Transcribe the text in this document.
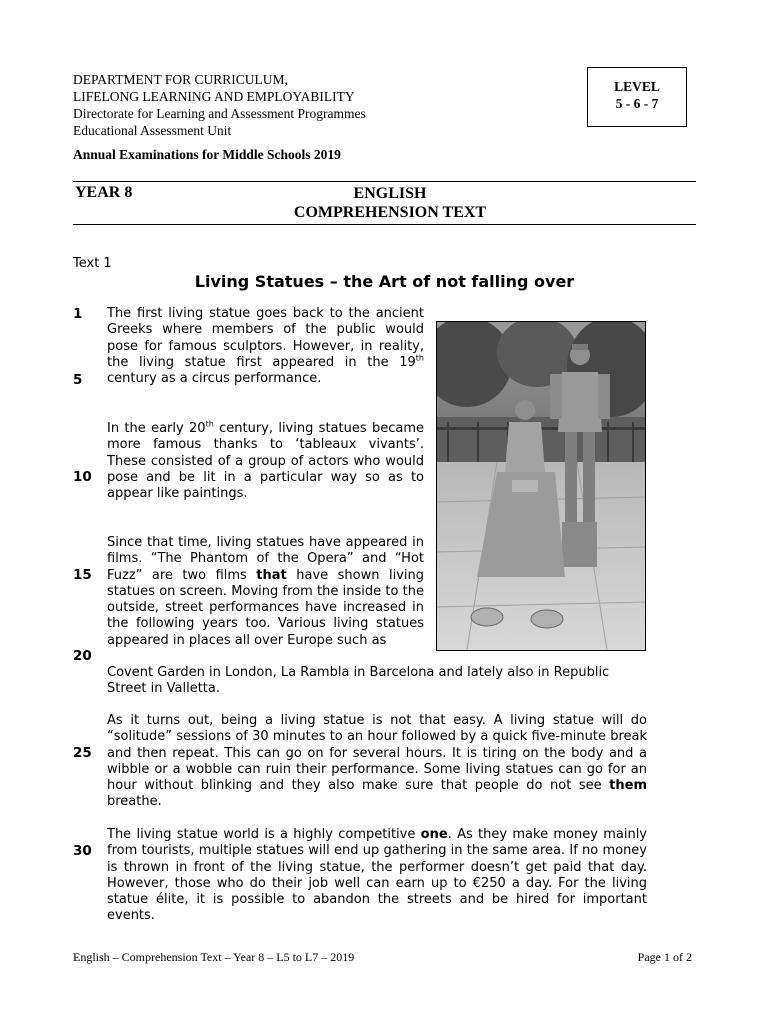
DEPARTMENT FOR CURRICULUM,
LIFELONG LEARNING AND EMPLOYABILITY
Directorate for Learning and Assessment Programmes
Educational Assessment Unit
LEVEL
5 - 6 - 7
Annual Examinations for Middle Schools 2019
YEAR 8	ENGLISH
COMPREHENSION TEXT
Text 1
Living Statues – the Art of not falling over
1
5
10
15
20
25
30

The first living statue goes back to the ancient Greeks where members of the public would pose for famous sculptors. However, in reality, the living statue first appeared in the 19th century as a circus performance.

In the early 20th century, living statues became more famous thanks to ‘tableaux vivants’. These consisted of a group of actors who would pose and be lit in a particular way so as to appear like paintings.

Since that time, living statues have appeared in films. “The Phantom of the Opera” and “Hot Fuzz” are two films that have shown living statues on screen. Moving from the inside to the outside, street performances have increased in the following years too. Various living statues appeared in places all over Europe such as

Covent Garden in London, La Rambla in Barcelona and lately also in Republic Street in Valletta.

As it turns out, being a living statue is not that easy. A living statue will do “solitude” sessions of 30 minutes to an hour followed by a quick five-minute break and then repeat. This can go on for several hours. It is tiring on the body and a wibble or a wobble can ruin their performance. Some living statues can go for an hour without blinking and they also make sure that people do not see them breathe.

The living statue world is a highly competitive one. As they make money mainly from tourists, multiple statues will end up gathering in the same area. If no money is thrown in front of the living statue, the performer doesn’t get paid that day. However, those who do their job well can earn up to €250 a day. For the living statue élite, it is possible to abandon the streets and be hired for important events.

English – Comprehension Text – Year 8 – L5 to L7 – 2019	Page 1 of 2
